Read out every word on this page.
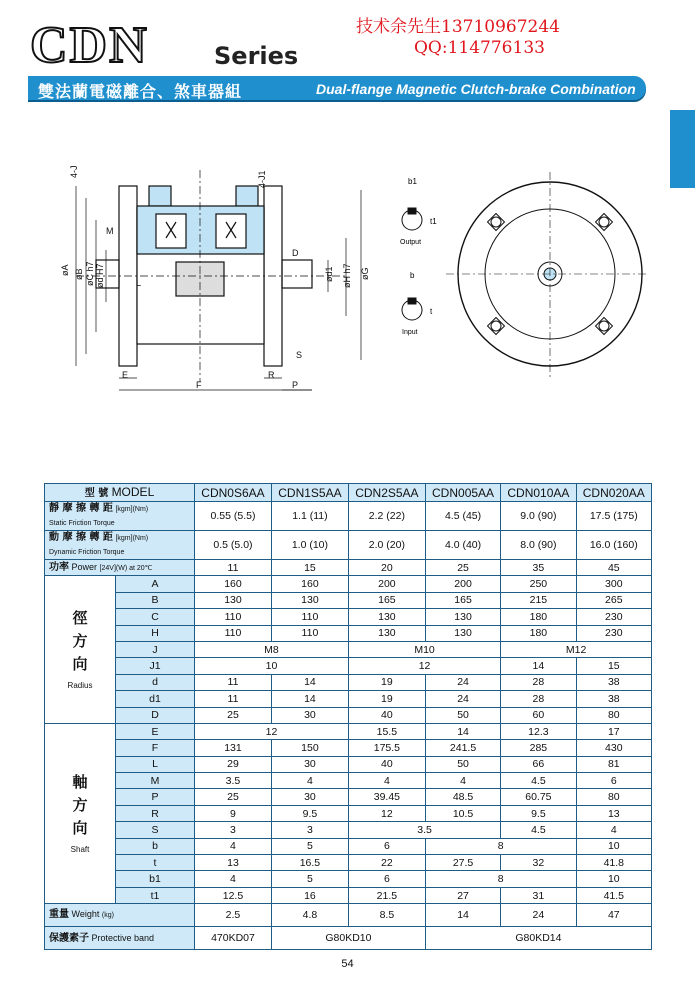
CDN	Series
技术余先生13710967244
QQ:114776133
雙法蘭電磁離合、煞車器組	Dual-flange Magnetic Clutch-brake Combination
øA øB øC h7 ød H7
4-J	4-J1
M
L
D
ød1 øH h7 øG
S
E	R
F	P
b1
t1
b
t
Output
Input
型 號 MODEL		CDN0S6AA	CDN1S5AA	CDN2S5AA	CDN005AA	CDN010AA	CDN020AA
靜 摩 擦 轉 距 [kgm](Nm)
Static Friction Torque		0.55 (5.5)	1.1 (11)	2.2 (22)	4.5 (45)	9.0 (90)	17.5 (175)
動 摩 擦 轉 距 [kgm](Nm)
Dynamic Friction Torque		0.5 (5.0)	1.0 (10)	2.0 (20)	4.0 (40)	8.0 (90)	16.0 (160)
功率 Power [24V](W) at 20℃		11	15	20	25	35	45
徑
方
向
Radius	A	160	160	200	200	250	300
	B	130	130	165	165	215	265
	C	110	110	130	130	180	230
	H	110	110	130	130	180	230
	J	M8		M10		M12	
	J1	10		12		14	15
	d	11	14	19	24	28	38
	d1	11	14	19	24	28	38
	D	25	30	40	50	60	80
軸
方
向
Shaft	E	12		15.5	14	12.3	17
	F	131	150	175.5	241.5	285	430
	L	29	30	40	50	66	81
	M	3.5	4	4	4	4.5	6
	P	25	30	39.45	48.5	60.75	80
	R	9	9.5	12	10.5	9.5	13
	S	3	3	3.5		4.5	4
	b	4	5	6	8		10
	t	13	16.5	22	27.5	32	41.8
	b1	4	5	6	8		10
	t1	12.5	16	21.5	27	31	41.5
重量 Weight (kg)		2.5	4.8	8.5	14	24	47
保護素子 Protective band		470KD07	G80KD10		G80KD14		
54
